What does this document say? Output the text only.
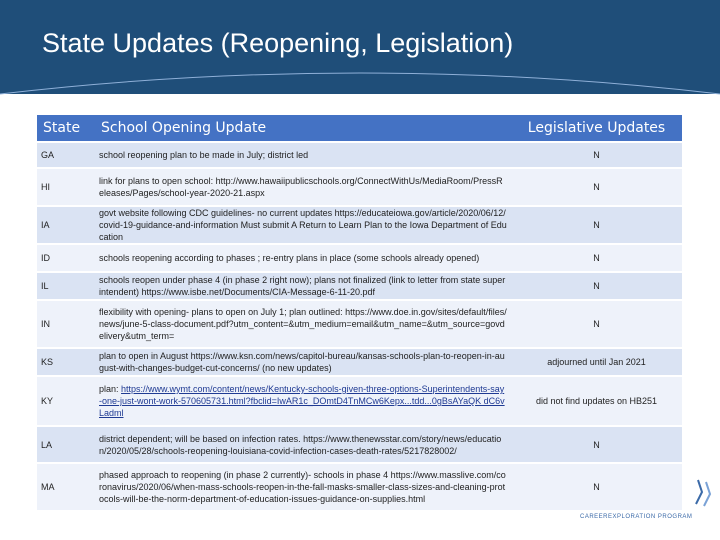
State Updates (Reopening, Legislation)
State	School Opening Update	Legislative Updates
GA	school reopening plan to be made in July; district led	N
HI	link for plans to open school: http://www.hawaiipublicschools.org/ConnectWithUs/MediaRoom/PressReleases/Pages/school-year-2020-21.aspx	N
IA	govt website following CDC guidelines- no current updates https://educateiowa.gov/article/2020/06/12/covid-19-guidance-and-information Must submit A Return to Learn Plan to the Iowa Department of Education	N
ID	schools reopening according to phases ; re-entry plans in place (some schools already opened)	N
IL	schools reopen under phase 4 (in phase 2 right now); plans not finalized (link to letter from state superintendent) https://www.isbe.net/Documents/CIA-Message-6-11-20.pdf	N
IN	flexibility with opening- plans to open on July 1; plan outlined: https://www.doe.in.gov/sites/default/files/news/june-5-class-document.pdf?utm_content=&utm_medium=email&utm_name=&utm_source=govdelivery&utm_term=	N
KS	plan to open in August https://www.ksn.com/news/capitol-bureau/kansas-schools-plan-to-reopen-in-august-with-changes-budget-cut-concerns/ (no new updates)	adjourned until Jan 2021
KY	plan: https://www.wymt.com/content/news/Kentucky-schools-given-three-options-Superintendents-say-one-just-wont-work-570605731.html?fbclid=IwAR1c_DOmtD4TnMCw6Kepx...tdd...0gBsAYaQK dC6vLadml	did not find updates on HB251
LA	district dependent; will be based on infection rates. https://www.thenewsstar.com/story/news/education/2020/05/28/schools-reopening-louisiana-covid-infection-cases-death-rates/5217828002/	N
MA	phased approach to reopening (in phase 2 currently)- schools in phase 4 https://www.masslive.com/coronavirus/2020/06/when-mass-schools-reopen-in-the-fall-masks-smaller-class-sizes-and-cleaning-protocols-will-be-the-norm-department-of-education-issues-guidance-on-supplies.html	N
CAREEREXPLORATION PROGRAM
